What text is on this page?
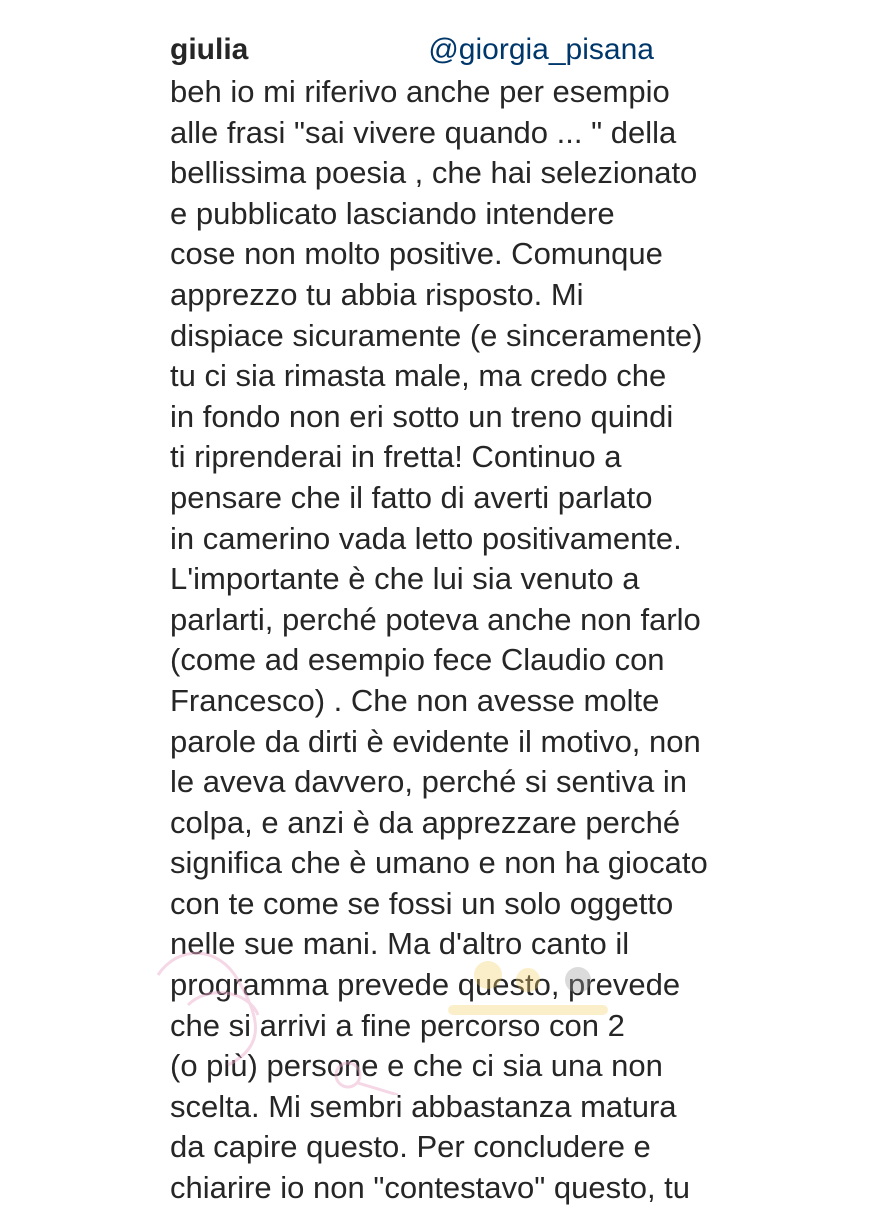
giulia	@giorgia_pisana
beh io mi riferivo anche per esempio
alle frasi "sai vivere quando ... " della
bellissima poesia , che hai selezionato
e pubblicato lasciando intendere
cose non molto positive. Comunque
apprezzo tu abbia risposto. Mi
dispiace sicuramente (e sinceramente)
tu ci sia rimasta male, ma credo che
in fondo non eri sotto un treno quindi
ti riprenderai in fretta! Continuo a
pensare che il fatto di averti parlato
in camerino vada letto positivamente.
L'importante è che lui sia venuto a
parlarti, perché poteva anche non farlo
(come ad esempio fece Claudio con
Francesco) . Che non avesse molte
parole da dirti è evidente il motivo, non
le aveva davvero, perché si sentiva in
colpa, e anzi è da apprezzare perché
significa che è umano e non ha giocato
con te come se fossi un solo oggetto
nelle sue mani. Ma d'altro canto il
programma prevede questo, prevede
che si arrivi a fine percorso con 2
(o più) persone e che ci sia una non
scelta. Mi sembri abbastanza matura
da capire questo. Per concludere e
chiarire io non "contestavo" questo, tu
